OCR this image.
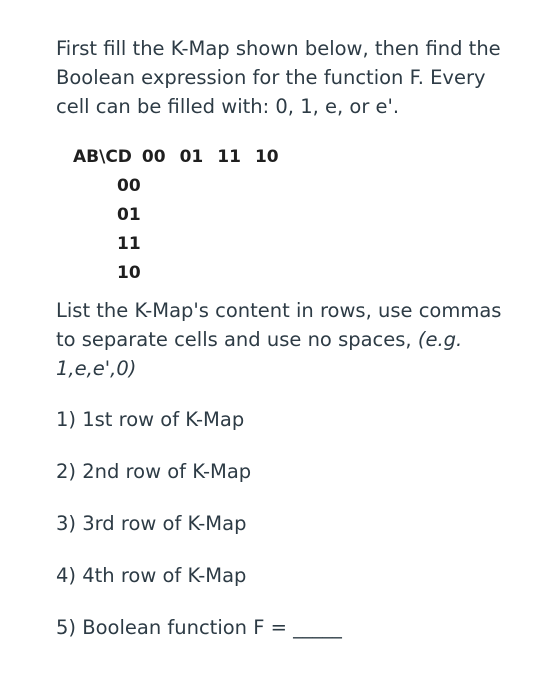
First fill the K-Map shown below, then find the Boolean expression for the function F. Every cell can be filled with: 0, 1, e, or e'.

AB\CD 00 01 11 10
00
01
11
10

List the K-Map's content in rows, use commas to separate cells and use no spaces, (e.g. 1,e,e',0)

1) 1st row of K-Map

2) 2nd row of K-Map

3) 3rd row of K-Map

4) 4th row of K-Map

5) Boolean function F = _____
